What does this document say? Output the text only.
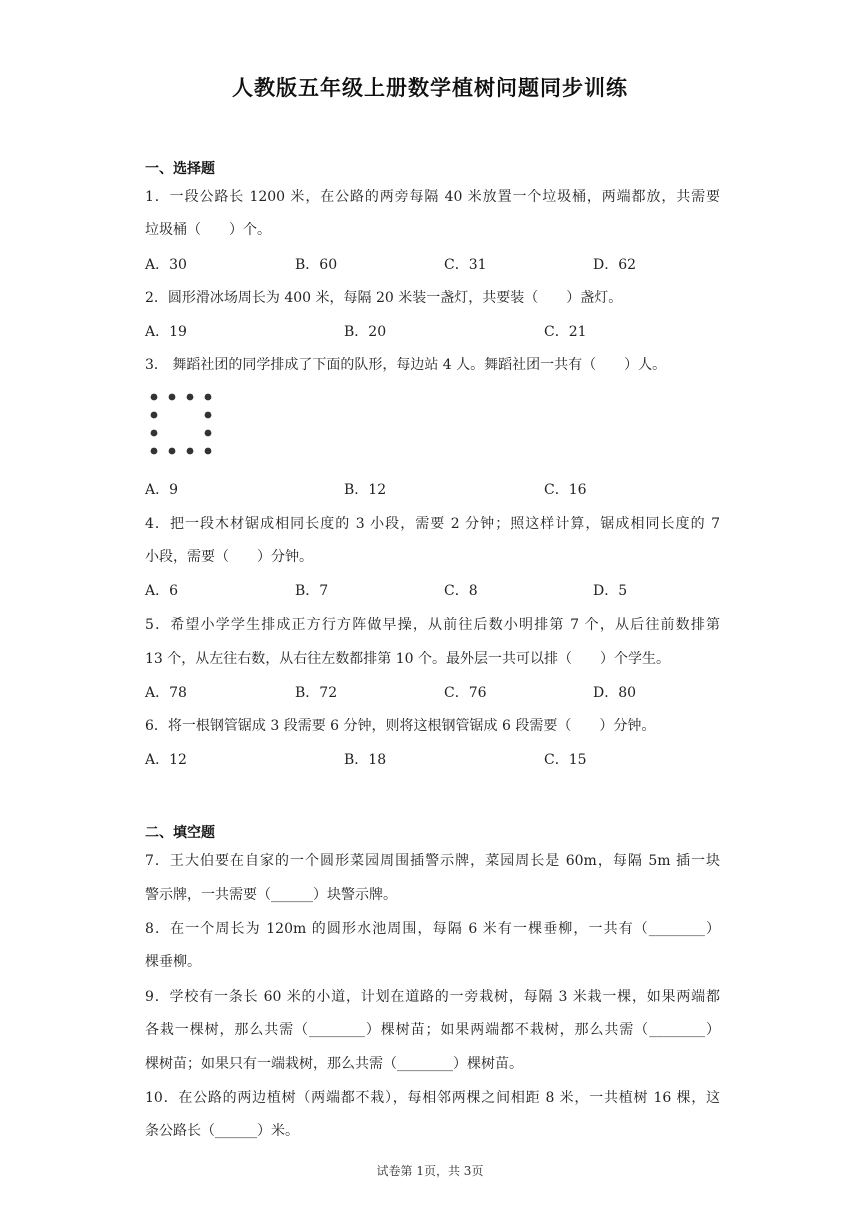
人教版五年级上册数学植树问题同步训练
一、选择题
1．一段公路长 1200 米，在公路的两旁每隔 40 米放置一个垃圾桶，两端都放，共需要
垃圾桶（　　）个。
A．30	B．60	C．31	D．62
2．圆形滑冰场周长为 400 米，每隔 20 米装一盏灯，共要装（　　）盏灯。
A．19	B．20	C．21
3． 舞蹈社团的同学排成了下面的队形，每边站 4 人。舞蹈社团一共有（　　）人。
A．9	B．12	C．16
4．把一段木材锯成相同长度的 3 小段，需要 2 分钟；照这样计算，锯成相同长度的 7
小段，需要（　　）分钟。
A．6	B．7	C．8	D．5
5．希望小学学生排成正方行方阵做早操，从前往后数小明排第 7 个，从后往前数排第
13 个，从左往右数，从右往左数都排第 10 个。最外层一共可以排（　　）个学生。
A．78	B．72	C．76	D．80
6．将一根钢管锯成 3 段需要 6 分钟，则将这根钢管锯成 6 段需要（　　）分钟。
A．12	B．18	C．15
二、填空题
7．王大伯要在自家的一个圆形菜园周围插警示牌，菜园周长是 60m，每隔 5m 插一块
警示牌，一共需要（______）块警示牌。
8．在一个周长为 120m 的圆形水池周围，每隔 6 米有一棵垂柳，一共有（________）
棵垂柳。
9．学校有一条长 60 米的小道，计划在道路的一旁栽树，每隔 3 米栽一棵，如果两端都
各栽一棵树，那么共需（________）棵树苗；如果两端都不栽树，那么共需（________）
棵树苗；如果只有一端栽树，那么共需（________）棵树苗。
10．在公路的两边植树（两端都不栽），每相邻两棵之间相距 8 米，一共植树 16 棵，这
条公路长（______）米。
试卷第 1页，共 3页
